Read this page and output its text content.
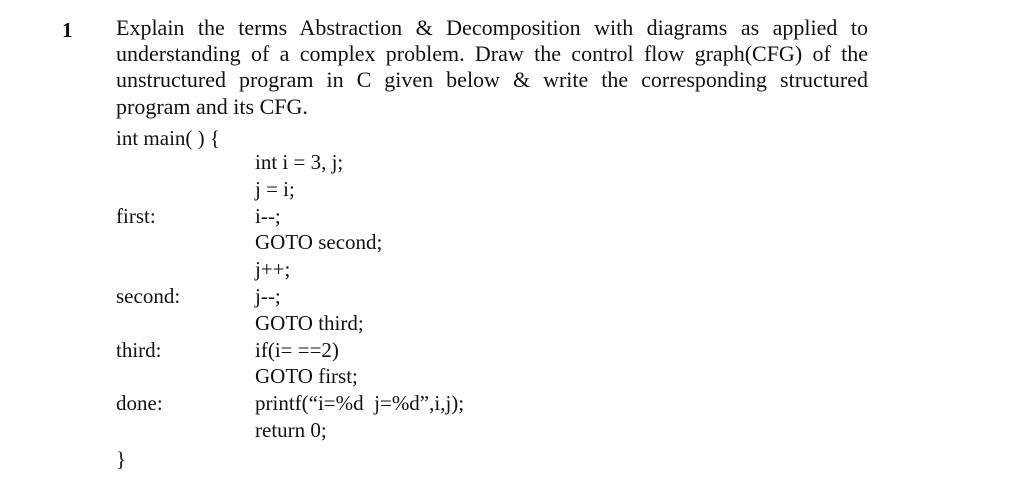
1 Explain the terms Abstraction & Decomposition with diagrams as applied to
understanding of a complex problem. Draw the control flow graph(CFG) of the
unstructured program in C given below & write the corresponding structured
program and its CFG.
int main( ) {
int i = 3, j;
j = i;
first:	i--;
GOTO second;
j++;
second:	j--;
GOTO third;
third:	if(i= ==2)
GOTO first;
done:	printf(“i=%d  j=%d”,i,j);
return 0;
}
